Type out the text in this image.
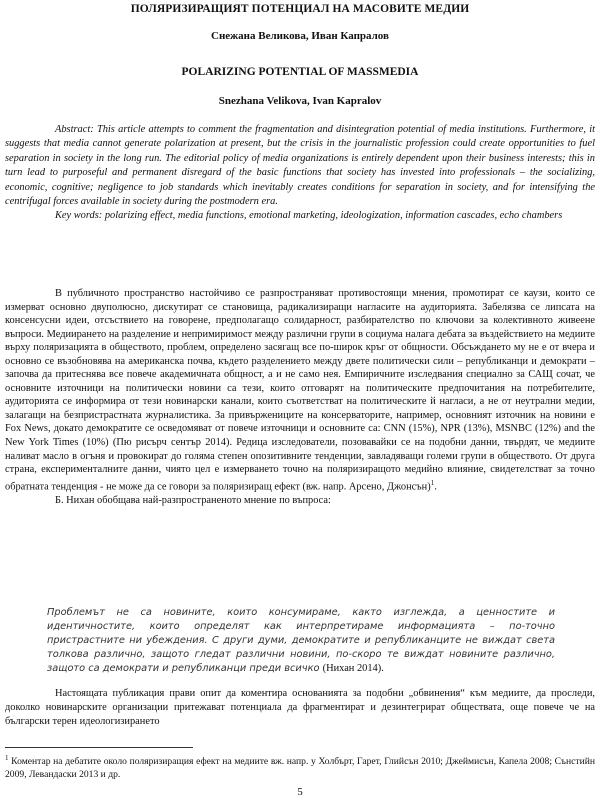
ПОЛЯРИЗИРАЩИЯТ ПОТЕНЦИАЛ НА МАСОВИТЕ МЕДИИ
Снежана Великова, Иван Капралов
POLARIZING POTENTIAL OF MASSMEDIA
Snezhana Velikova, Ivan Kapralov

Abstract: This article attempts to comment the fragmentation and disintegration potential of media institutions. Furthermore, it suggests that media cannot generate polarization at present, but the crisis in the journalistic profession could create opportunities to fuel separation in society in the long run. The editorial policy of media organizations is entirely dependent upon their business interests; this in turn lead to purposeful and permanent disregard of the basic functions that society has invested into professionals – the socializing, economic, cognitive; negligence to job standards which inevitably creates conditions for separation in society, and for intensifying the centrifugal forces available in society during the postmodern era.

Key words: polarizing effect, media functions, emotional marketing, ideologization, information cascades, echo chambers

В публичното пространство настойчиво се разпространяват противостоящи мнения, промотират се каузи, които се измерват основно двуполюсно, дискутират се становища, радикализиращи нагласите на аудиторията. Забелязва се липсата на консенсусни идеи, отсъствието на говорене, предполагащо солидарност, разбирателство по ключови за колективното живеене въпроси. Медиирането на разделение и непримиримост между различни групи в социума налага дебата за въздействието на медиите върху поляризацията в обществото, проблем, определено засягащ все по-широк кръг от общности. Обсъждането му не е от вчера и основно се възобновява на американска почва, където разделението между двете политически сили – републиканци и демократи – започва да притеснява все повече академичната общност, а и не само нея. Емпиричните изследвания специално за САЩ сочат, че основните източници на политически новини са тези, които отговарят на политическите предпочитания на потребителите, аудиторията се информира от тези новинарски канали, които съответстват на политическите й нагласи, а не от неутрални медии, залагащи на безпристрастната журналистика. За привържениците на консерваторите, например, основният източник на новини е Fox News, докато демократите се осведомяват от повече източници и основните са: CNN (15%), NPR (13%), MSNBC (12%) and the New York Times (10%) (Пю рисърч сентър 2014). Редица изследователи, позовавайки се на подобни данни, твърдят, че медиите наливат масло в огъня и провокират до голяма степен опозитивните тенденции, завладяващи големи групи в обществото. От друга страна, експерименталните данни, чиято цел е измерването точно на поляризиращото медийно влияние, свидетелстват за точно обратната тенденция - не може да се говори за поляризиращ ефект (вж. напр. Арсено, Джонсън)$^1$.

Б. Нихан обобщава най-разпространеното мнение по въпроса:

Проблемът не са новините, които консумираме, както изглежда, а ценностите и идентичностите, които определят как интерпретираме информацията – по-точно пристрастните ни убеждения. С други думи, демократите и републиканците не виждат света толкова различно, защото гледат различни новини, по-скоро те виждат новините различно, защото са демократи и републиканци преди всичко (Нихан 2014).

Настоящата публикация прави опит да коментира основанията за подобни „обвинения“ към медиите, да проследи, доколко новинарските организации притежават потенциала да фрагментират и дезинтегрират обществата, още повече че на български терен идеологизирането

$^1$ Коментар на дебатите около поляризиращия ефект на медиите вж. напр. у Холбърт, Гарет, Глийсън 2010; Джеймисън, Капела 2008; Сънстийн 2009, Левандаски 2013 и др.
5
